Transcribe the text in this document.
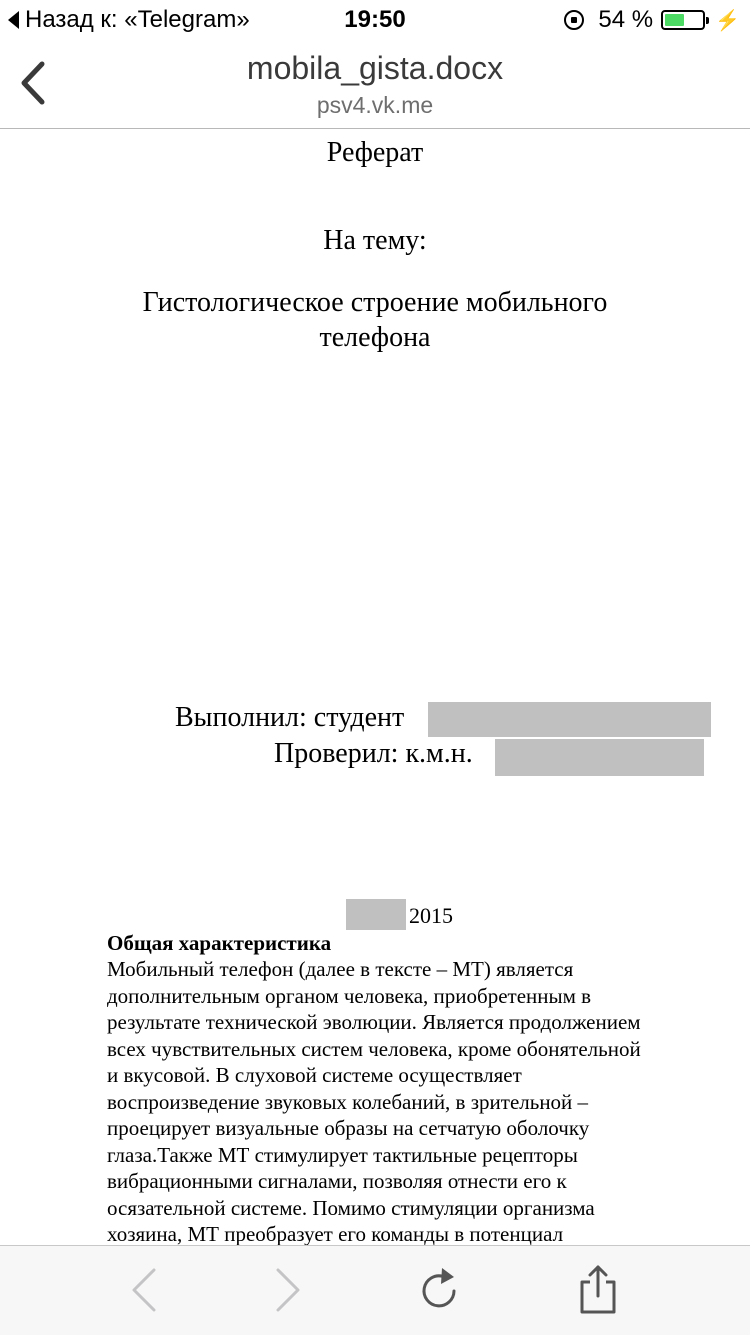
Назад к: «Telegram»	19:50	54 %	⚡
mobila_gista.docx
psv4.vk.me
Реферат
На тему:
Гистологическое строение мобильного
телефона
Выполнил: студент
Проверил: к.м.н.
2015
Общая характеристика
Мобильный телефон (далее в тексте – МТ) является
дополнительным органом человека, приобретенным в
результате технической эволюции. Является продолжением
всех чувствительных систем человека, кроме обонятельной
и вкусовой. В слуховой системе осуществляет
воспроизведение звуковых колебаний, в зрительной –
проецирует визуальные образы на сетчатую оболочку
глаза.Также МТ стимулирует тактильные рецепторы
вибрационными сигналами, позволяя отнести его к
осязательной системе. Помимо стимуляции организма
хозяина, МТ преобразует его команды в потенциал
